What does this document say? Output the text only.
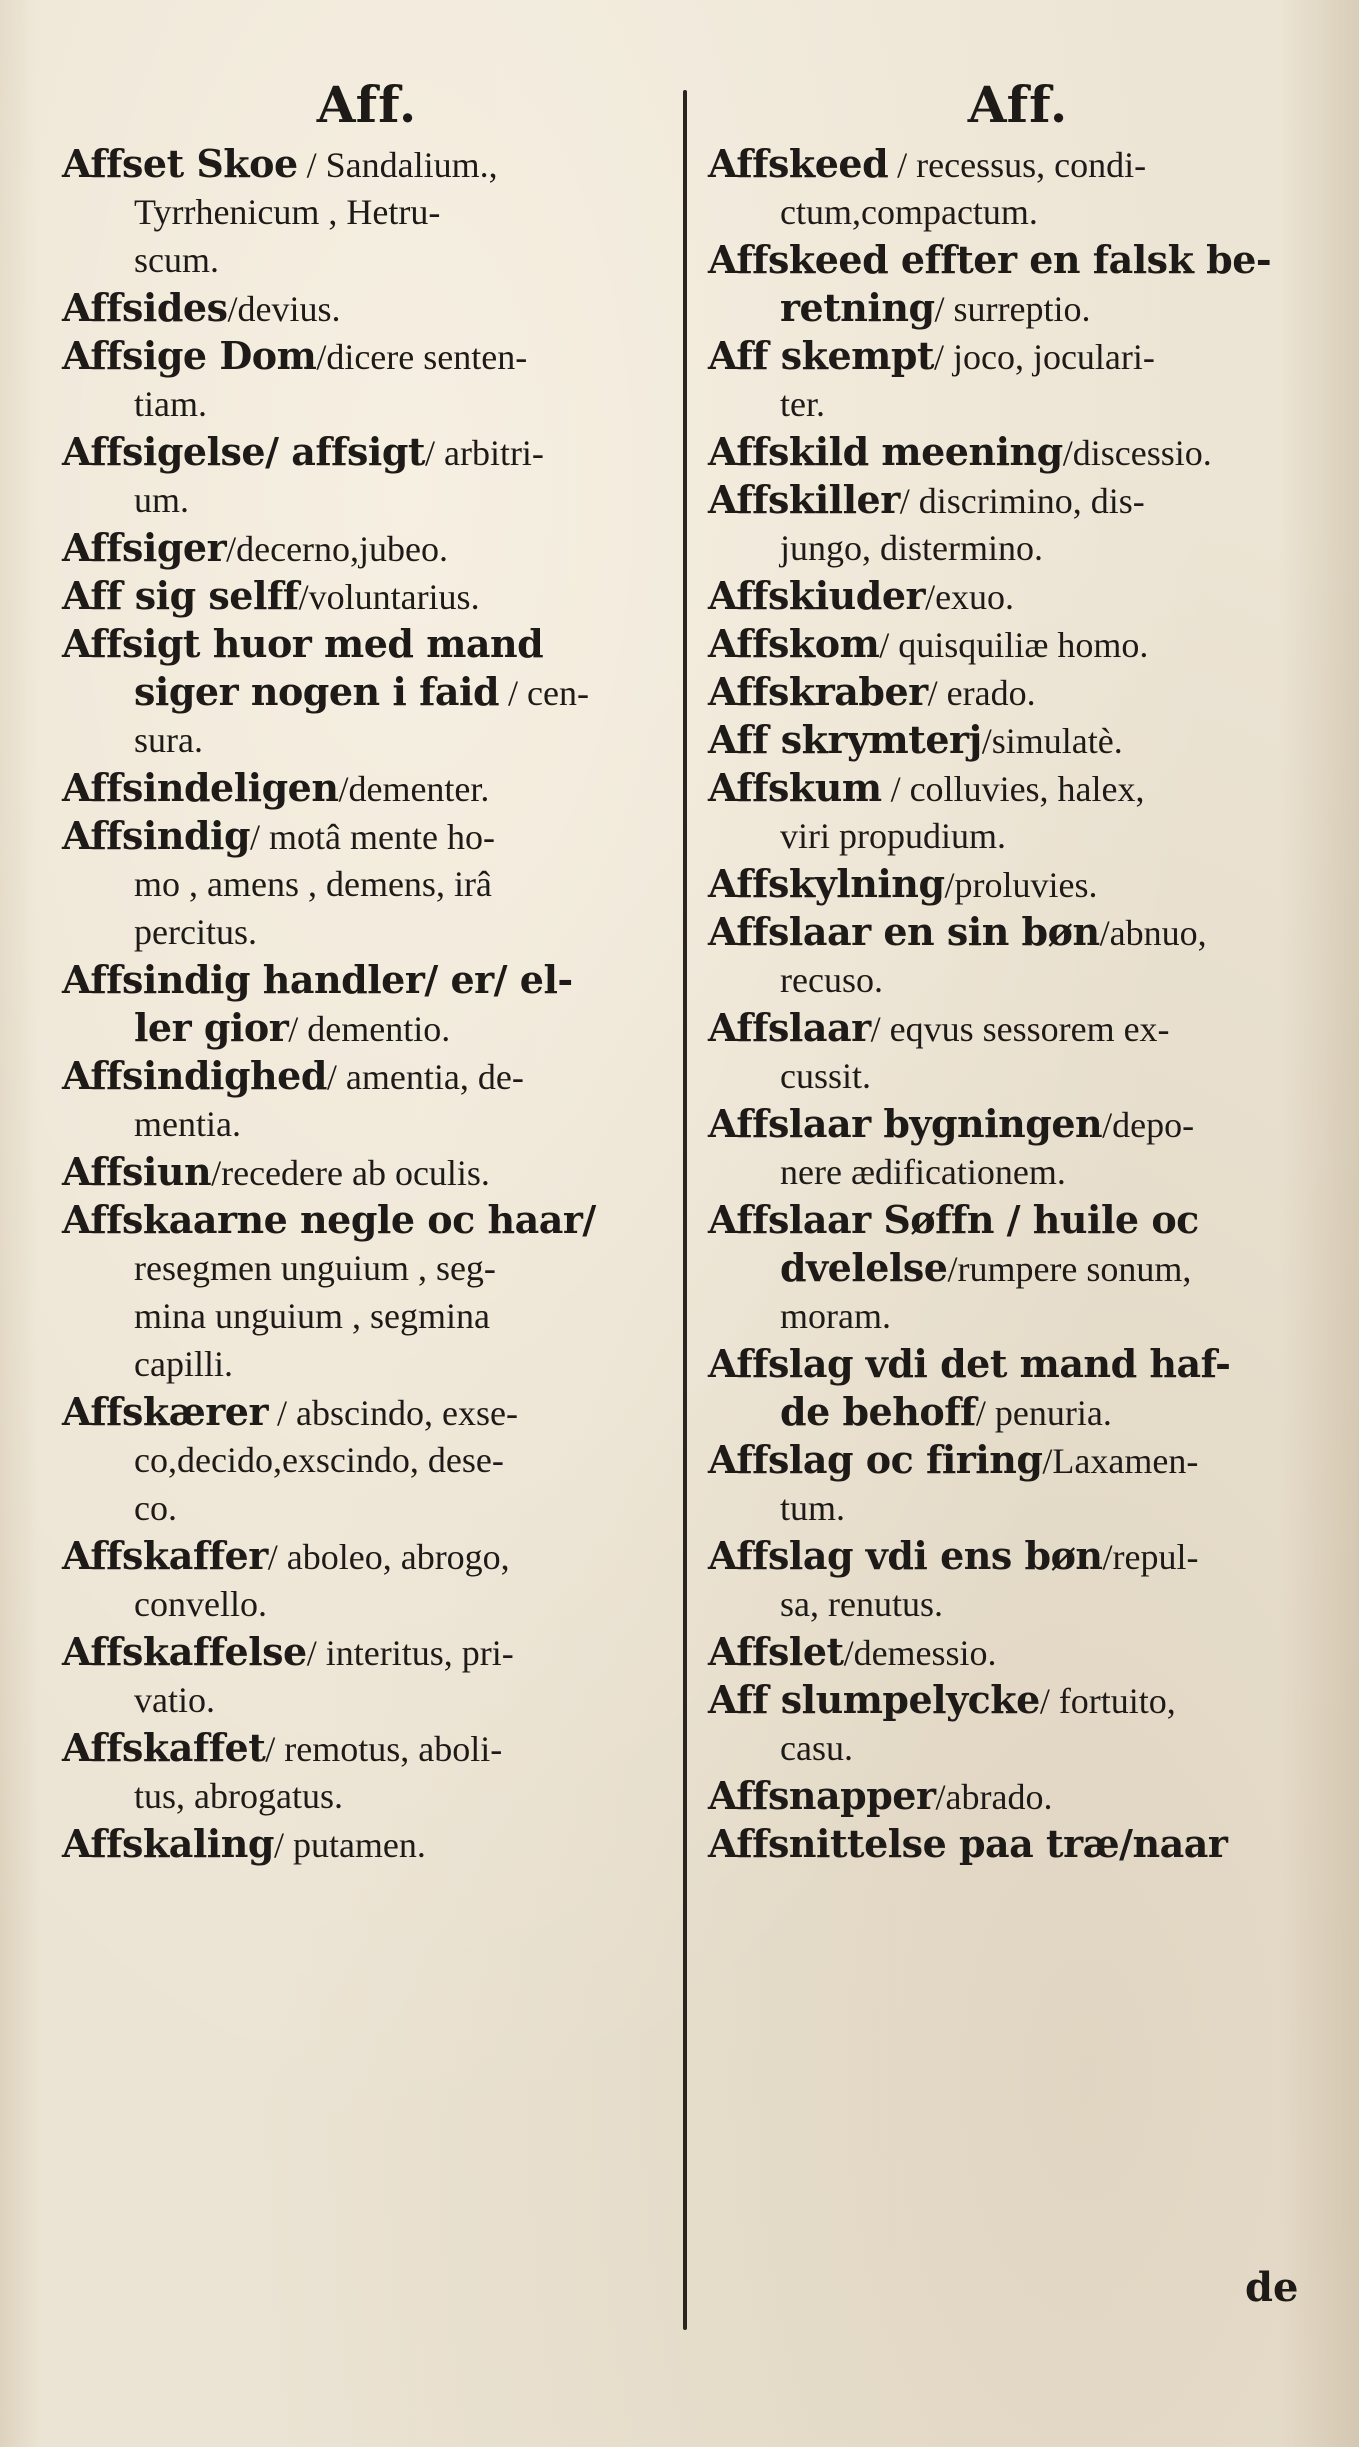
Aff.
Affset Skoe / Sandalium.,
Tyrrhenicum , Hetru-
scum.
Affsides/devius.
Affsige Dom/dicere senten-
tiam.
Affsigelse/ affsigt/ arbitri-
um.
Affsiger/decerno,jubeo.
Aff sig selff/voluntarius.
Affsigt huor med mand
siger nogen i faid / cen-
sura.
Affsindeligen/dementer.
Affsindig/ motâ mente ho-
mo , amens , demens, irâ
percitus.
Affsindig handler/ er/ el-
ler gior/ dementio.
Affsindighed/ amentia, de-
mentia.
Affsiun/recedere ab oculis.
Affskaarne negle oc haar/
resegmen unguium , seg-
mina unguium , segmina
capilli.
Affskærer / abscindo, exse-
co,decido,exscindo, dese-
co.
Affskaffer/ aboleo, abrogo,
convello.
Affskaffelse/ interitus, pri-
vatio.
Affskaffet/ remotus, aboli-
tus, abrogatus.
Affskaling/ putamen.
Aff.
Affskeed / recessus, condi-
ctum,compactum.
Affskeed effter en falsk be-
retning/ surreptio.
Aff skempt/ joco, jocularі-
ter.
Affskild meening/discessio.
Affskiller/ discrimino, dis-
jungo, distermino.
Affskiuder/exuo.
Affskom/ quisquiliæ homo.
Affskraber/ erado.
Aff skrymterj/simulatè.
Affskum / colluvies, halex,
viri propudium.
Affskylning/proluvies.
Affslaar en sin bøn/abnuo,
recuso.
Affslaar/ eqvus sessorem ex-
cussit.
Affslaar bygningen/depo-
nere ædificationem.
Affslaar Søffn / huile oc
dvelelse/rumpere sonum,
moram.
Affslag vdi det mand haf-
de behoff/ penuria.
Affslag oc firing/Laxamen-
tum.
Affslag vdi ens bøn/repul-
sa, renutus.
Affslet/demessio.
Aff slumpelycke/ fortuito,
casu.
Affsnapper/abrado.
Affsnittelse paa træ/naar
de
